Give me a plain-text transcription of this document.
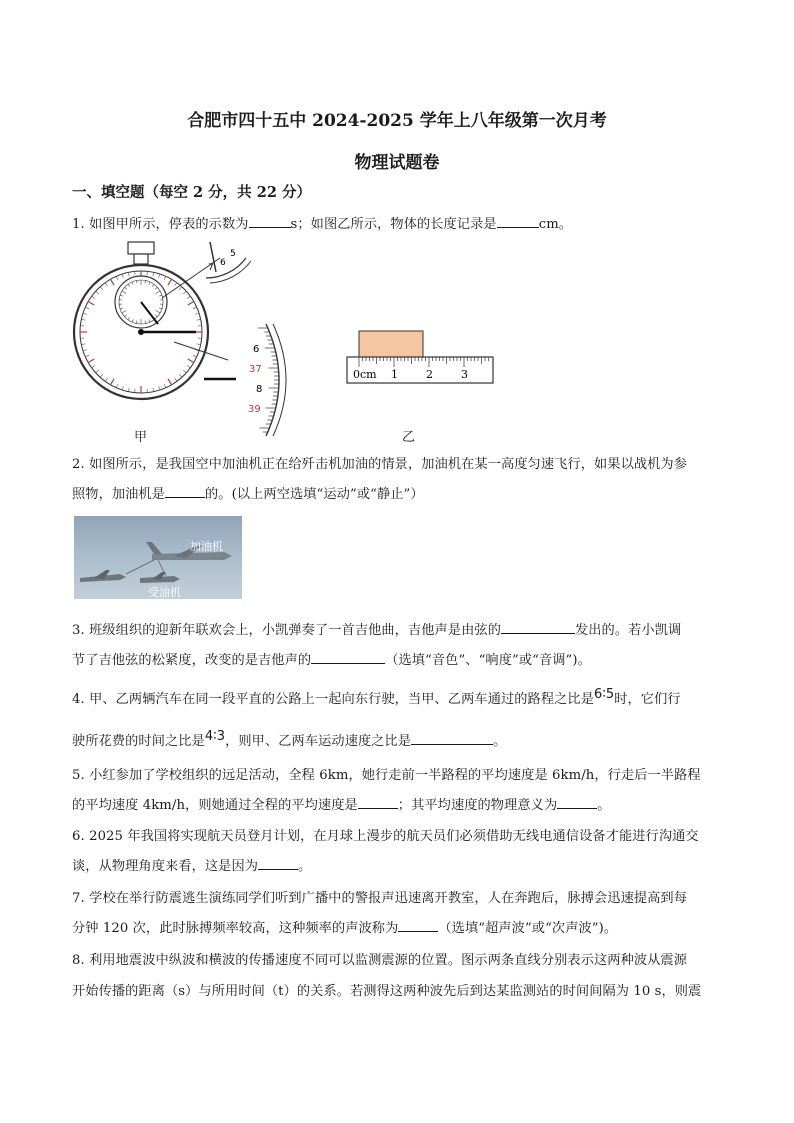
合肥市四十五中 2024-2025 学年上八年级第一次月考
物理试题卷
一、填空题（每空 2 分，共 22 分）
1. 如图甲所示，停表的示数为	s；如图乙所示，物体的长度记录是	cm。
5
6
7
6
37
8
39
0cm 1	2	3
甲	乙
2. 如图所示，是我国空中加油机正在给歼击机加油的情景，加油机在某一高度匀速飞行，如果以战机为参
照物，加油机是	的。(以上两空选填“运动”或“静止”）
加油机
受油机
3. 班级组织的迎新年联欢会上，小凯弹奏了一首吉他曲，吉他声是由弦的	发出的。若小凯调
节了吉他弦的松紧度，改变的是吉他声的	（选填“音色”、“响度”或“音调”)。
4. 甲、乙两辆汽车在同一段平直的公路上一起向东行驶，当甲、乙两车通过的路程之比是6∶5时，它们行
驶所花费的时间之比是4∶3，则甲、乙两车运动速度之比是	。
5. 小红参加了学校组织的远足活动，全程 6km，她行走前一半路程的平均速度是 6km/h，行走后一半路程
的平均速度 4km/h，则她通过全程的平均速度是	；其平均速度的物理意义为	。
6. 2025 年我国将实现航天员登月计划，在月球上漫步的航天员们必须借助无线电通信设备才能进行沟通交
谈，从物理角度来看，这是因为	。
7. 学校在举行防震逃生演练同学们听到广播中的警报声迅速离开教室，人在奔跑后，脉搏会迅速提高到每
分钟 120 次，此时脉搏频率较高，这种频率的声波称为	（选填“超声波”或“次声波”)。
8. 利用地震波中纵波和横波的传播速度不同可以监测震源的位置。图示两条直线分别表示这两种波从震源
开始传播的距离（s）与所用时间（t）的关系。若测得这两种波先后到达某监测站的时间间隔为 10 s，则震
